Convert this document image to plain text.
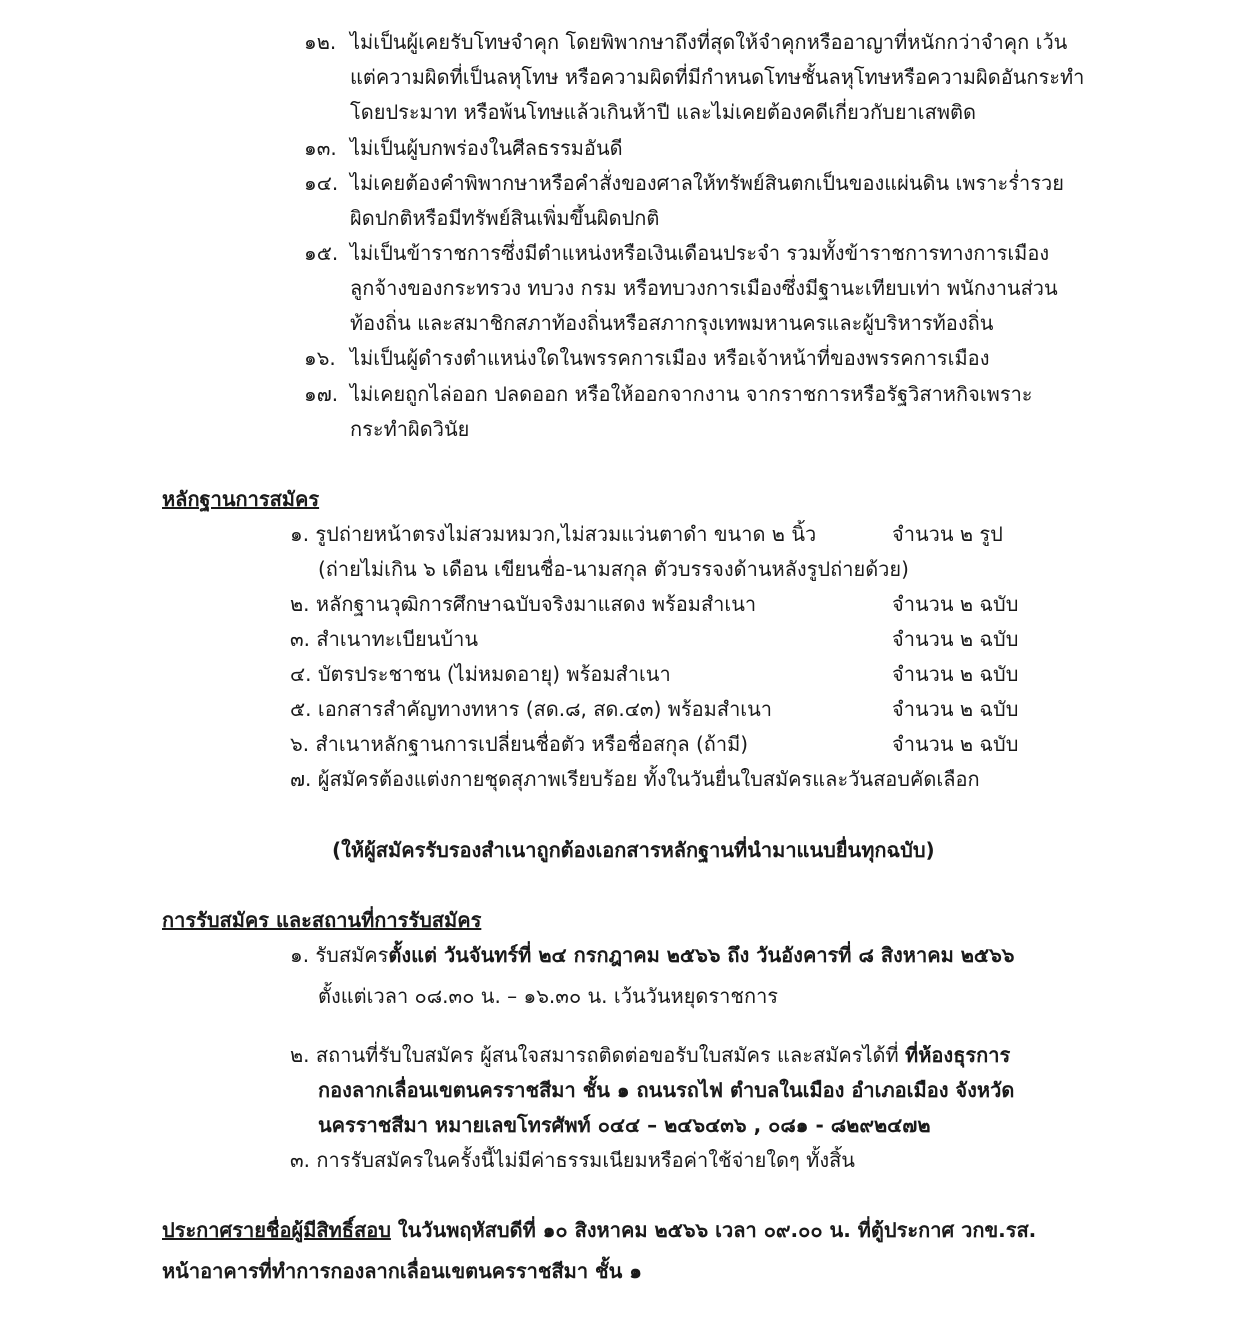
๑๒. ไม่เป็นผู้เคยรับโทษจำคุก โดยพิพากษาถึงที่สุดให้จำคุกหรืออาญาที่หนักกว่าจำคุก เว้น
แต่ความผิดที่เป็นลหุโทษ หรือความผิดที่มีกำหนดโทษชั้นลหุโทษหรือความผิดอันกระทำ
โดยประมาท หรือพ้นโทษแล้วเกินห้าปี และไม่เคยต้องคดีเกี่ยวกับยาเสพติด
๑๓. ไม่เป็นผู้บกพร่องในศีลธรรมอันดี
๑๔. ไม่เคยต้องคำพิพากษาหรือคำสั่งของศาลให้ทรัพย์สินตกเป็นของแผ่นดิน เพราะร่ำรวย
ผิดปกติหรือมีทรัพย์สินเพิ่มขึ้นผิดปกติ
๑๕. ไม่เป็นข้าราชการซึ่งมีตำแหน่งหรือเงินเดือนประจำ รวมทั้งข้าราชการทางการเมือง
ลูกจ้างของกระทรวง ทบวง กรม หรือทบวงการเมืองซึ่งมีฐานะเทียบเท่า พนักงานส่วน
ท้องถิ่น และสมาชิกสภาท้องถิ่นหรือสภากรุงเทพมหานครและผู้บริหารท้องถิ่น
๑๖. ไม่เป็นผู้ดำรงตำแหน่งใดในพรรคการเมือง หรือเจ้าหน้าที่ของพรรคการเมือง
๑๗. ไม่เคยถูกไล่ออก ปลดออก หรือให้ออกจากงาน จากราชการหรือรัฐวิสาหกิจเพราะ
กระทำผิดวินัย
หลักฐานการสมัคร
๑. รูปถ่ายหน้าตรงไม่สวมหมวก,ไม่สวมแว่นตาดำ ขนาด ๒ นิ้ว	จำนวน ๒ รูป
(ถ่ายไม่เกิน ๖ เดือน เขียนชื่อ-นามสกุล ตัวบรรจงด้านหลังรูปถ่ายด้วย)
๒. หลักฐานวุฒิการศึกษาฉบับจริงมาแสดง พร้อมสำเนา	จำนวน ๒ ฉบับ
๓. สำเนาทะเบียนบ้าน	จำนวน ๒ ฉบับ
๔. บัตรประชาชน (ไม่หมดอายุ) พร้อมสำเนา	จำนวน ๒ ฉบับ
๕. เอกสารสำคัญทางทหาร (สด.๘, สด.๔๓) พร้อมสำเนา	จำนวน ๒ ฉบับ
๖. สำเนาหลักฐานการเปลี่ยนชื่อตัว หรือชื่อสกุล (ถ้ามี)	จำนวน ๒ ฉบับ
๗. ผู้สมัครต้องแต่งกายชุดสุภาพเรียบร้อย ทั้งในวันยื่นใบสมัครและวันสอบคัดเลือก
(ให้ผู้สมัครรับรองสำเนาถูกต้องเอกสารหลักฐานที่นำมาแนบยื่นทุกฉบับ)
การรับสมัคร และสถานที่การรับสมัคร
๑. รับสมัครตั้งแต่ วันจันทร์ที่ ๒๔ กรกฎาคม ๒๕๖๖ ถึง วันอังคารที่ ๘ สิงหาคม ๒๕๖๖
ตั้งแต่เวลา ๐๘.๓๐ น. – ๑๖.๓๐ น. เว้นวันหยุดราชการ
๒. สถานที่รับใบสมัคร ผู้สนใจสมารถติดต่อขอรับใบสมัคร และสมัครได้ที่ ที่ห้องธุรการ
กองลากเลื่อนเขตนครราชสีมา ชั้น ๑ ถนนรถไฟ ตำบลในเมือง อำเภอเมือง จังหวัด
นครราชสีมา หมายเลขโทรศัพท์ ๐๔๔ – ๒๔๖๔๓๖ , ๐๘๑ - ๘๒๙๒๔๗๒
๓. การรับสมัครในครั้งนี้ไม่มีค่าธรรมเนียมหรือค่าใช้จ่ายใดๆ ทั้งสิ้น
ประกาศรายชื่อผู้มีสิทธิ์สอบ ในวันพฤหัสบดีที่ ๑๐ สิงหาคม ๒๕๖๖ เวลา ๐๙.๐๐ น. ที่ตู้ประกาศ วกข.รส.
หน้าอาคารที่ทำการกองลากเลื่อนเขตนครราชสีมา ชั้น ๑
